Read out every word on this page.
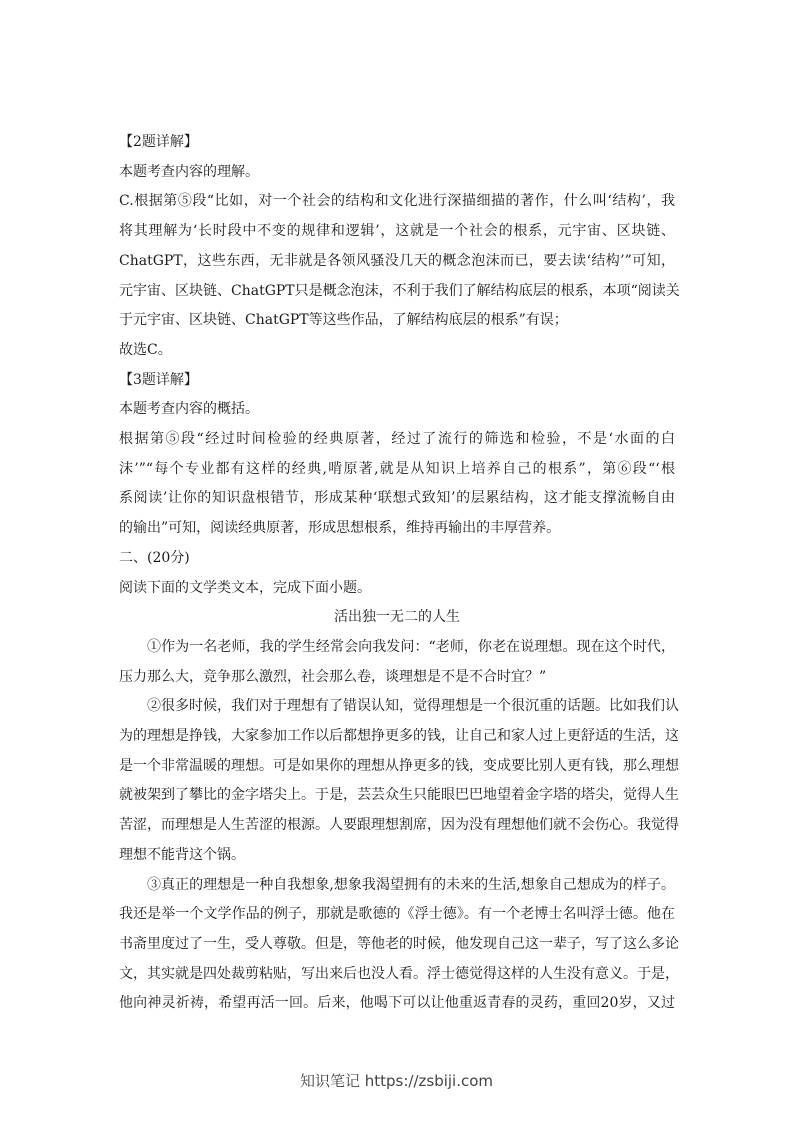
【2题详解】

本题考查内容的理解。

C.根据第⑤段“比如，对一个社会的结构和文化进行深描细描的著作，什么叫‘结构’，我

将其理解为‘长时段中不变的规律和逻辑’，这就是一个社会的根系，元宇宙、区块链、

ChatGPT，这些东西，无非就是各领风骚没几天的概念泡沫而已，要去读‘结构’”可知，

元宇宙、区块链、ChatGPT只是概念泡沫，不利于我们了解结构底层的根系，本项“阅读关

于元宇宙、区块链、ChatGPT等这些作品，了解结构底层的根系”有误；

故选C。

【3题详解】

本题考查内容的概括。

根据第⑤段“经过时间检验的经典原著，经过了流行的筛选和检验，不是‘水面的白

沫’”“每个专业都有这样的经典,啃原著,就是从知识上培养自己的根系”，第⑥段“‘根

系阅读’让你的知识盘根错节，形成某种‘联想式致知’的层累结构，这才能支撑流畅自由

的输出”可知，阅读经典原著，形成思想根系，维持再输出的丰厚营养。

二、(20分)

阅读下面的文学类文本，完成下面小题。

活出独一无二的人生

①作为一名老师，我的学生经常会向我发问：“老师，你老在说理想。现在这个时代，

压力那么大，竞争那么激烈，社会那么卷，谈理想是不是不合时宜？”

②很多时候，我们对于理想有了错误认知，觉得理想是一个很沉重的话题。比如我们认

为的理想是挣钱，大家参加工作以后都想挣更多的钱，让自己和家人过上更舒适的生活，这

是一个非常温暖的理想。可是如果你的理想从挣更多的钱，变成要比别人更有钱，那么理想

就被架到了攀比的金字塔尖上。于是，芸芸众生只能眼巴巴地望着金字塔的塔尖，觉得人生

苦涩，而理想是人生苦涩的根源。人要跟理想割席，因为没有理想他们就不会伤心。我觉得

理想不能背这个锅。

③真正的理想是一种自我想象,想象我渴望拥有的未来的生活,想象自己想成为的样子。

我还是举一个文学作品的例子，那就是歌德的《浮士德》。有一个老博士名叫浮士德。他在

书斋里度过了一生，受人尊敬。但是，等他老的时候，他发现自己这一辈子，写了这么多论

文，其实就是四处裁剪粘贴，写出来后也没人看。浮士德觉得这样的人生没有意义。于是，

他向神灵祈祷，希望再活一回。后来，他喝下可以让他重返青春的灵药，重回20岁，又过

知识笔记 https://zsbiji.com
